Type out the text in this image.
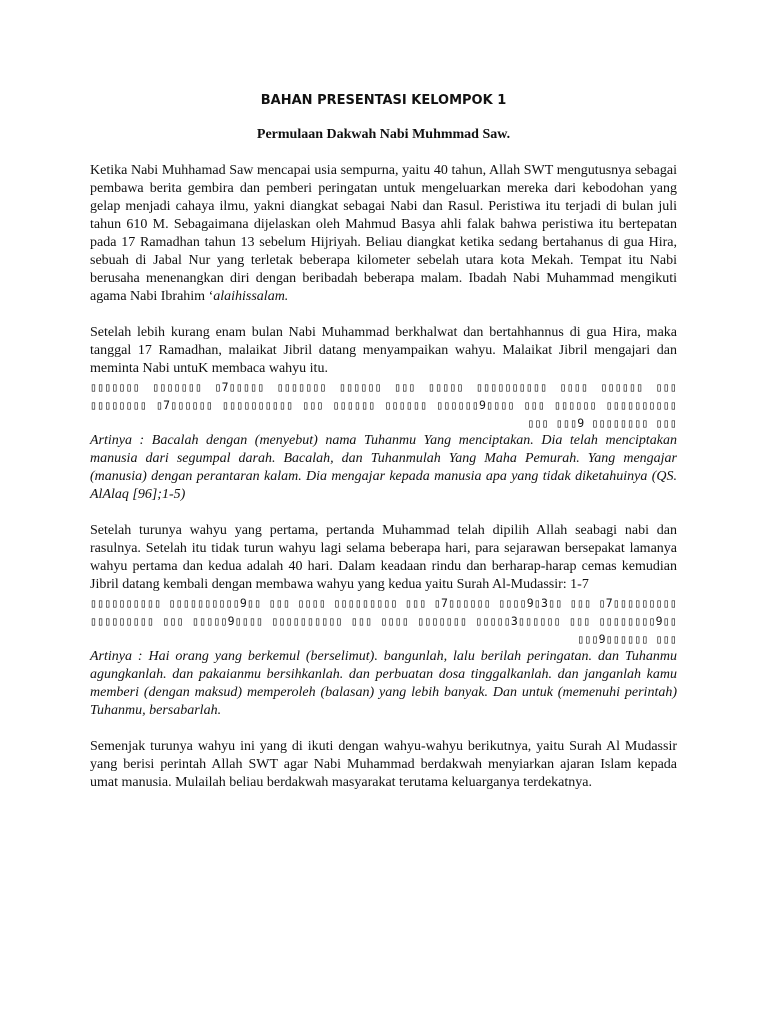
BAHAN PRESENTASI KELOMPOK 1
Permulaan Dakwah Nabi Muhmmad Saw.

Ketika Nabi Muhhamad Saw mencapai usia sempurna, yaitu 40 tahun, Allah SWT mengutusnya sebagai pembawa berita gembira dan pemberi peringatan untuk mengeluarkan mereka dari kebodohan yang gelap menjadi cahaya ilmu, yakni diangkat sebagai Nabi dan Rasul. Peristiwa itu terjadi di bulan juli tahun 610 M. Sebagaimana dijelaskan oleh Mahmud Basya ahli falak bahwa peristiwa itu bertepatan pada 17 Ramadhan tahun 13 sebelum Hijriyah. Beliau diangkat ketika sedang bertahanus di gua Hira, sebuah di Jabal Nur yang terletak beberapa kilometer sebelah utara kota Mekah. Tempat itu Nabi berusaha menenangkan diri dengan beribadah beberapa malam. Ibadah Nabi Muhammad mengikuti agama Nabi Ibrahim ‘alaihissalam.

Setelah lebih kurang enam bulan Nabi Muhammad berkhalwat dan bertahhannus di gua Hira, maka tanggal 17 Ramadhan, malaikat Jibril datang menyampaikan wahyu. Malaikat Jibril mengajari dan meminta Nabi untuK membaca wahyu itu.

▯▯▯▯▯▯▯ ▯▯▯▯▯▯▯ ▯7▯▯▯▯▯ ▯▯▯▯▯▯▯ ▯▯▯▯▯▯ ▯▯▯ ▯▯▯▯▯ ▯▯▯▯▯▯▯▯▯▯ ▯▯▯▯ ▯▯▯▯▯▯ ▯▯▯ ▯▯▯▯▯▯▯▯ ▯7▯▯▯▯▯▯ ▯▯▯▯▯▯▯▯▯▯ ▯▯▯ ▯▯▯▯▯▯ ▯▯▯▯▯▯ ▯▯▯▯▯▯9▯▯▯▯ ▯▯▯ ▯▯▯▯▯▯ ▯▯▯▯▯▯▯▯▯▯ ▯▯▯ ▯▯▯9 ▯▯▯▯▯▯▯▯ ▯▯▯

Artinya : Bacalah dengan (menyebut) nama Tuhanmu Yang menciptakan. Dia telah menciptakan manusia dari segumpal darah. Bacalah, dan Tuhanmulah Yang Maha Pemurah. Yang mengajar (manusia) dengan perantaran kalam. Dia mengajar kepada manusia apa yang tidak diketahuinya (QS. AlAlaq [96];1-5)

Setelah turunya wahyu yang pertama, pertanda Muhammad telah dipilih Allah seabagi nabi dan rasulnya. Setelah itu tidak turun wahyu lagi selama beberapa hari, para sejarawan bersepakat lamanya wahyu pertama dan kedua adalah 40 hari. Dalam keadaan rindu dan berharap-harap cemas kemudian Jibril datang kembali dengan membawa wahyu yang kedua yaitu Surah Al-Mudassir: 1-7

▯▯▯▯▯▯▯▯▯▯ ▯▯▯▯▯▯▯▯▯▯9▯▯ ▯▯▯ ▯▯▯▯ ▯▯▯▯▯▯▯▯▯ ▯▯▯ ▯7▯▯▯▯▯▯ ▯▯▯▯9▯3▯▯ ▯▯▯ ▯7▯▯▯▯▯▯▯▯▯ ▯▯▯▯▯▯▯▯▯ ▯▯▯ ▯▯▯▯▯9▯▯▯▯ ▯▯▯▯▯▯▯▯▯▯ ▯▯▯ ▯▯▯▯ ▯▯▯▯▯▯▯ ▯▯▯▯▯3▯▯▯▯▯▯ ▯▯▯ ▯▯▯▯▯▯▯▯9▯▯ ▯▯▯9▯▯▯▯▯▯ ▯▯▯

Artinya : Hai orang yang berkemul (berselimut). bangunlah, lalu berilah peringatan. dan Tuhanmu agungkanlah. dan pakaianmu bersihkanlah. dan perbuatan dosa tinggalkanlah. dan janganlah kamu memberi (dengan maksud) memperoleh (balasan) yang lebih banyak. Dan untuk (memenuhi perintah) Tuhanmu, bersabarlah.

Semenjak turunya wahyu ini yang di ikuti dengan wahyu-wahyu berikutnya, yaitu Surah Al Mudassir yang berisi perintah Allah SWT agar Nabi Muhammad berdakwah menyiarkan ajaran Islam kepada umat manusia. Mulailah beliau berdakwah masyarakat terutama keluarganya terdekatnya.
